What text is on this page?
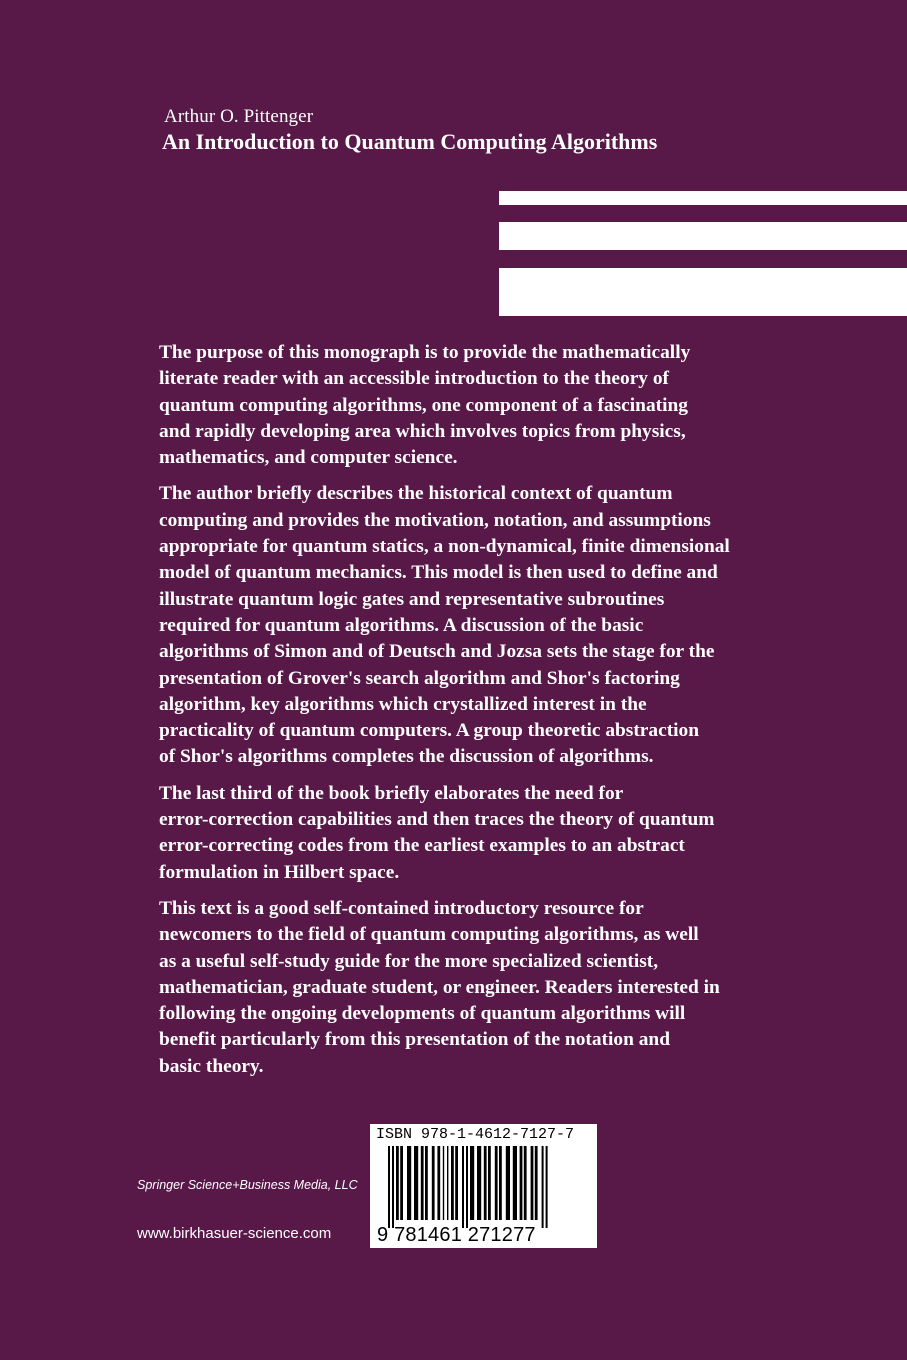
Arthur O. Pittenger
An Introduction to Quantum Computing Algorithms

The purpose of this monograph is to provide the mathematically
literate reader with an accessible introduction to the theory of
quantum computing algorithms, one component of a fascinating
and rapidly developing area which involves topics from physics,
mathematics, and computer science.

The author briefly describes the historical context of quantum
computing and provides the motivation, notation, and assumptions
appropriate for quantum statics, a non-dynamical, finite dimensional
model of quantum mechanics. This model is then used to define and
illustrate quantum logic gates and representative subroutines
required for quantum algorithms. A discussion of the basic
algorithms of Simon and of Deutsch and Jozsa sets the stage for the
presentation of Grover's search algorithm and Shor's factoring
algorithm, key algorithms which crystallized interest in the
practicality of quantum computers. A group theoretic abstraction
of Shor's algorithms completes the discussion of algorithms.

The last third of the book briefly elaborates the need for
error-correction capabilities and then traces the theory of quantum
error-correcting codes from the earliest examples to an abstract
formulation in Hilbert space.

This text is a good self-contained introductory resource for
newcomers to the field of quantum computing algorithms, as well
as a useful self-study guide for the more specialized scientist,
mathematician, graduate student, or engineer. Readers interested in
following the ongoing developments of quantum algorithms will
benefit particularly from this presentation of the notation and
basic theory.

Springer Science+Business Media, LLC
www.birkhasuer-science.com
ISBN 978-1-4612-7127-7
9 781461 271277
